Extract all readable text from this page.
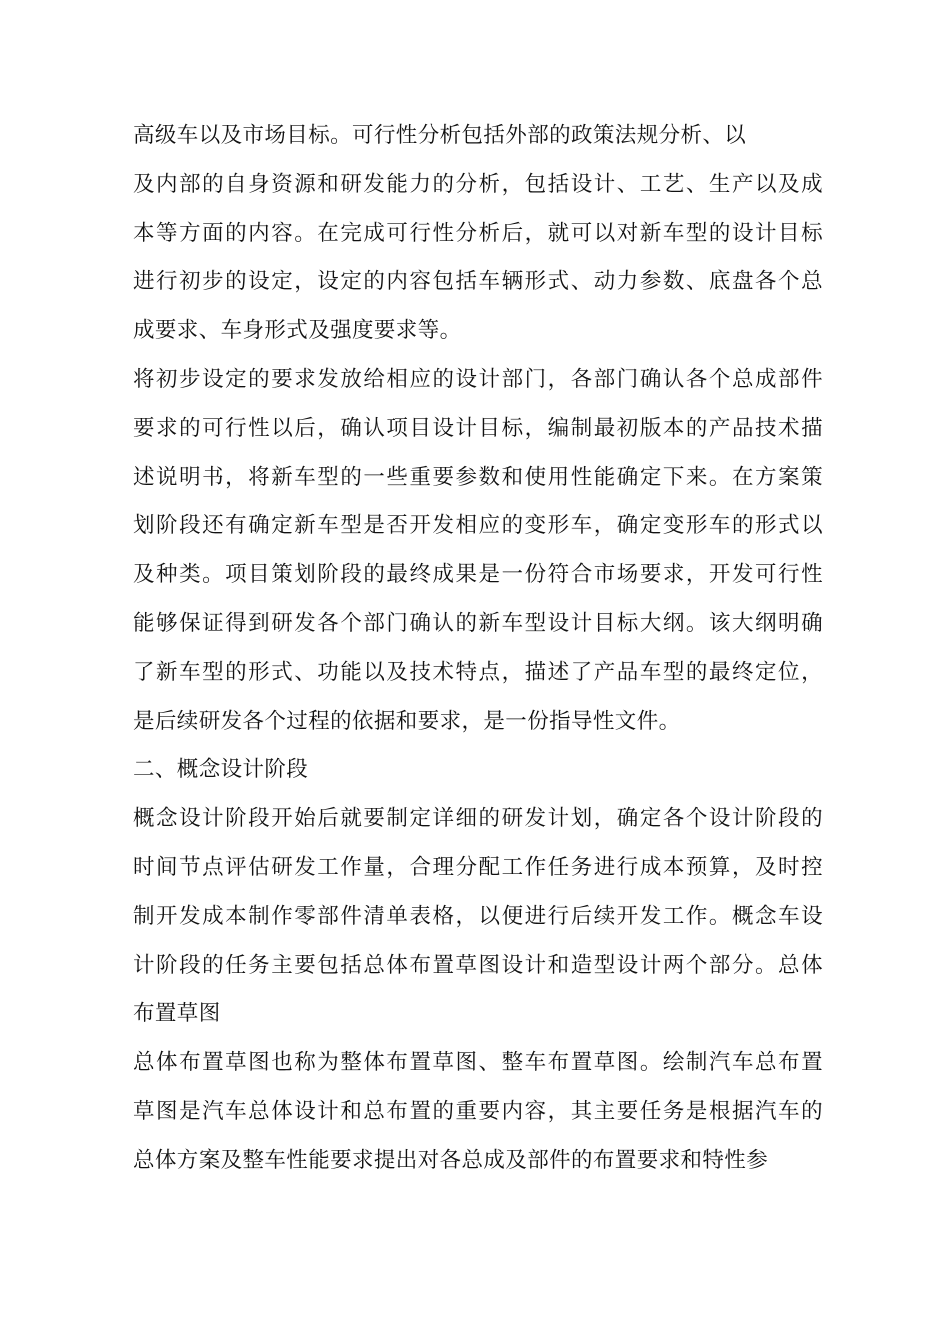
高级车以及市场目标。可行性分析包括外部的政策法规分析、以
及内部的自身资源和研发能力的分析，包括设计、工艺、生产以及成
本等方面的内容。在完成可行性分析后，就可以对新车型的设计目标
进行初步的设定，设定的内容包括车辆形式、动力参数、底盘各个总
成要求、车身形式及强度要求等。
将初步设定的要求发放给相应的设计部门，各部门确认各个总成部件
要求的可行性以后，确认项目设计目标，编制最初版本的产品技术描
述说明书，将新车型的一些重要参数和使用性能确定下来。在方案策
划阶段还有确定新车型是否开发相应的变形车，确定变形车的形式以
及种类。项目策划阶段的最终成果是一份符合市场要求，开发可行性
能够保证得到研发各个部门确认的新车型设计目标大纲。该大纲明确
了新车型的形式、功能以及技术特点，描述了产品车型的最终定位，
是后续研发各个过程的依据和要求，是一份指导性文件。
二、概念设计阶段
概念设计阶段开始后就要制定详细的研发计划，确定各个设计阶段的
时间节点评估研发工作量，合理分配工作任务进行成本预算，及时控
制开发成本制作零部件清单表格，以便进行后续开发工作。概念车设
计阶段的任务主要包括总体布置草图设计和造型设计两个部分。总体
布置草图
总体布置草图也称为整体布置草图、整车布置草图。绘制汽车总布置
草图是汽车总体设计和总布置的重要内容，其主要任务是根据汽车的
总体方案及整车性能要求提出对各总成及部件的布置要求和特性参
